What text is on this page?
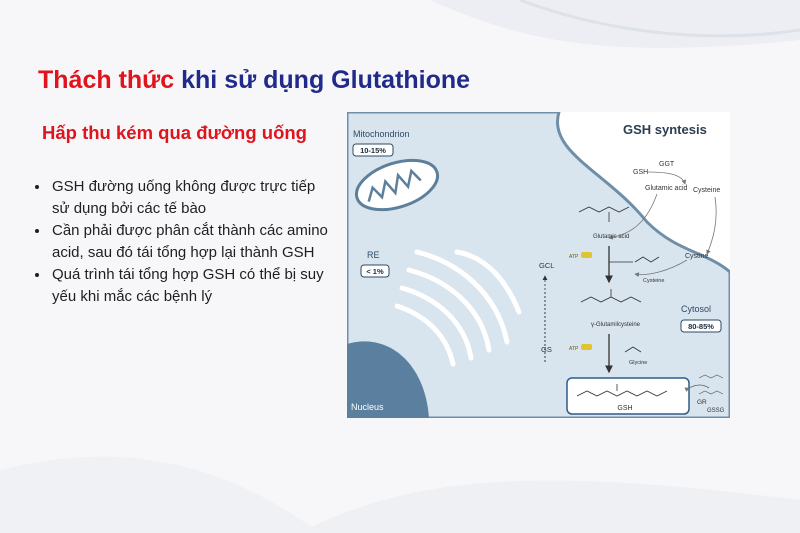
Thách thức khi sử dụng Glutathione
Hấp thu kém qua đường uống
• GSH đường uống không được trực tiếp sử dụng bởi các tế bào
• Cần phải được phân cắt thành các amino acid, sau đó tái tổng hợp lại thành GSH
• Quá trình tái tổng hợp GSH có thể bị suy yếu khi mắc các bệnh lý
Mitochondrion
10-15%
RE
< 1%
Nucleus
GSH syntesis
GGT
GSH
Cysteine
Glutamic acid
Cystine
Glutamic acid
ATP
Cysteine
GCL
γ-Glutamilcysteine
ATP
Glycine
GS
GSH
GR
GSSG
Cytosol
80-85%
